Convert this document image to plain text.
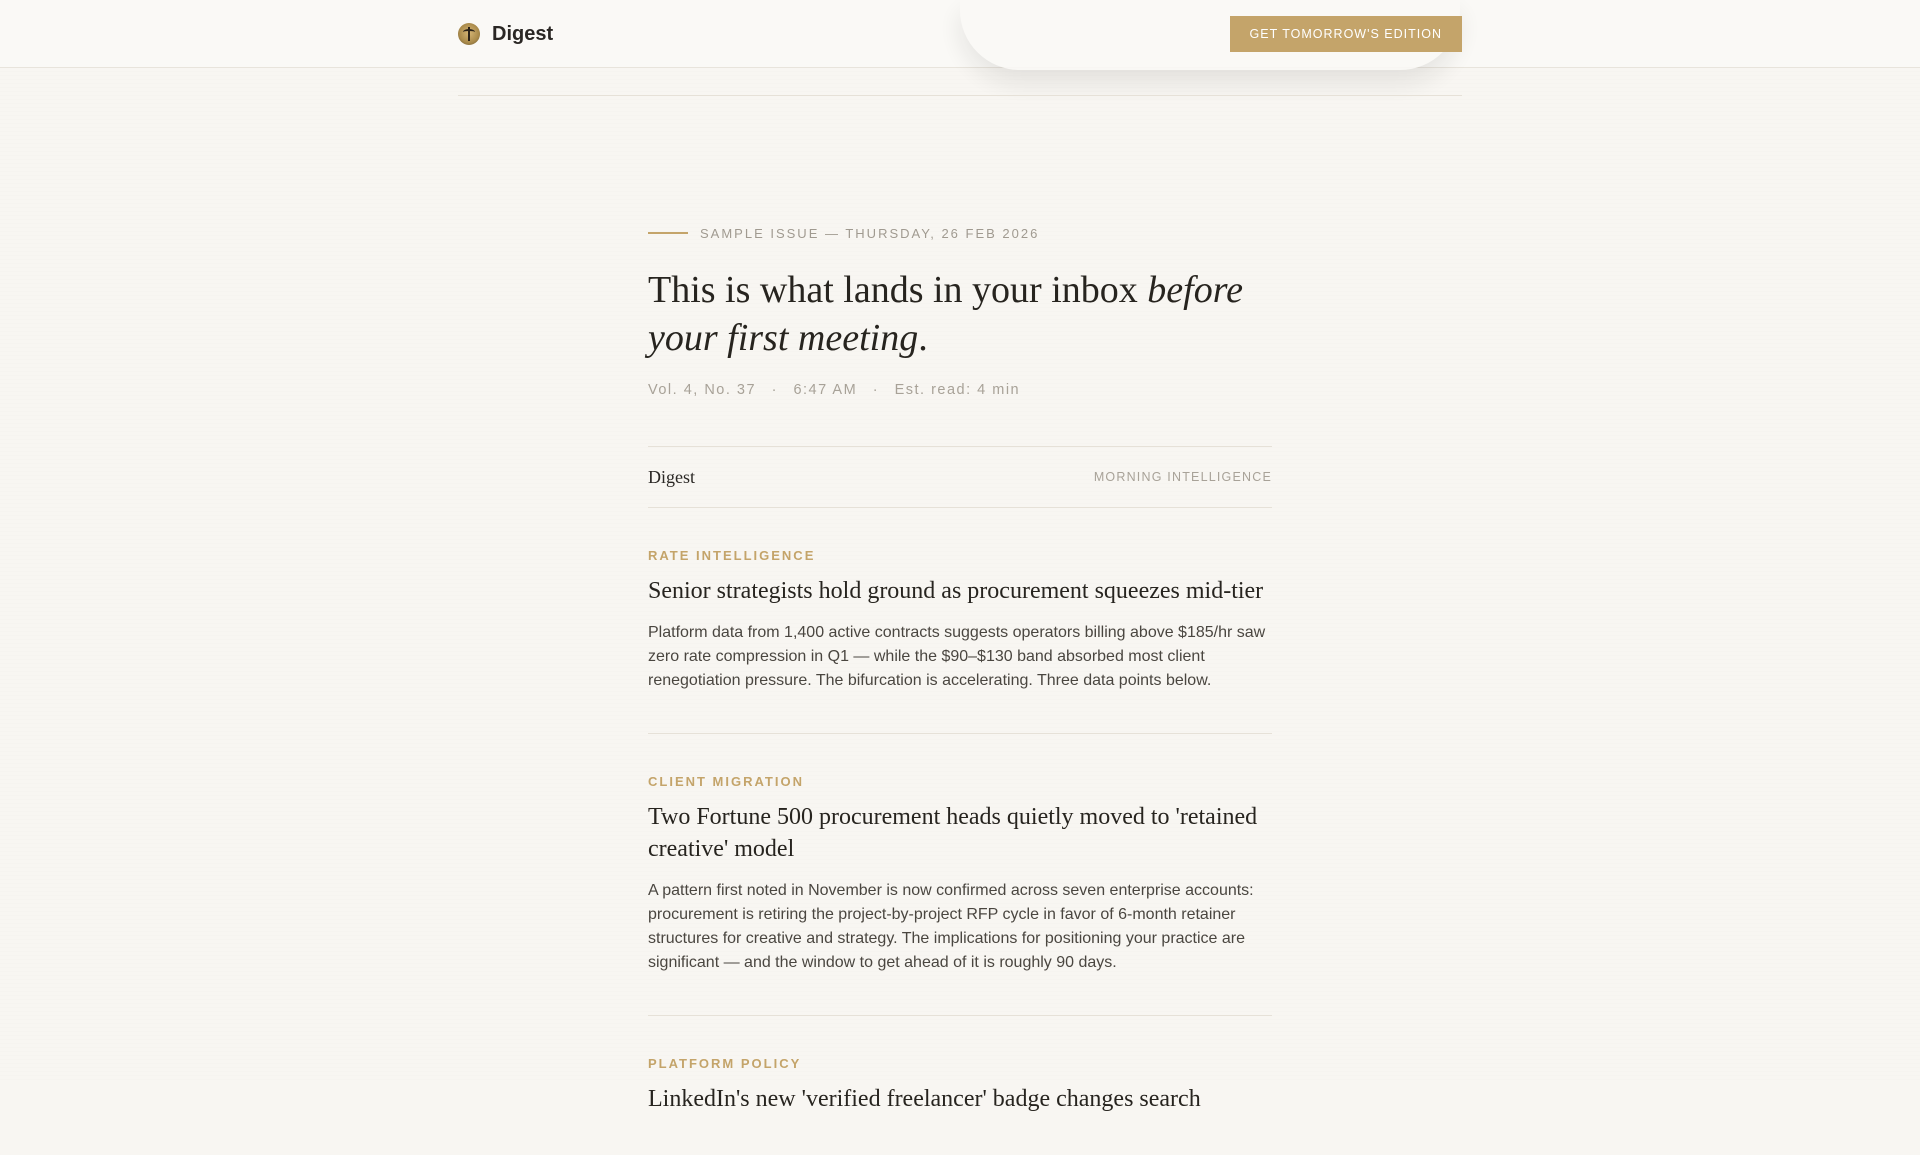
Digest	GET TOMORROW'S EDITION
SAMPLE ISSUE — THURSDAY, 26 FEB 2026
This is what lands in your inbox before your first meeting.
Vol. 4, No. 37 · 6:47 AM · Est. read: 4 min
Digest	MORNING INTELLIGENCE
RATE INTELLIGENCE
Senior strategists hold ground as procurement squeezes mid-tier

Platform data from 1,400 active contracts suggests operators billing above $185/hr saw zero rate compression in Q1 — while the $90–$130 band absorbed most client renegotiation pressure. The bifurcation is accelerating. Three data points below.

CLIENT MIGRATION
Two Fortune 500 procurement heads quietly moved to 'retained creative' model

A pattern first noted in November is now confirmed across seven enterprise accounts: procurement is retiring the project-by-project RFP cycle in favor of 6-month retainer structures for creative and strategy. The implications for positioning your practice are significant — and the window to get ahead of it is roughly 90 days.

PLATFORM POLICY
LinkedIn's new 'verified freelancer' badge changes search
